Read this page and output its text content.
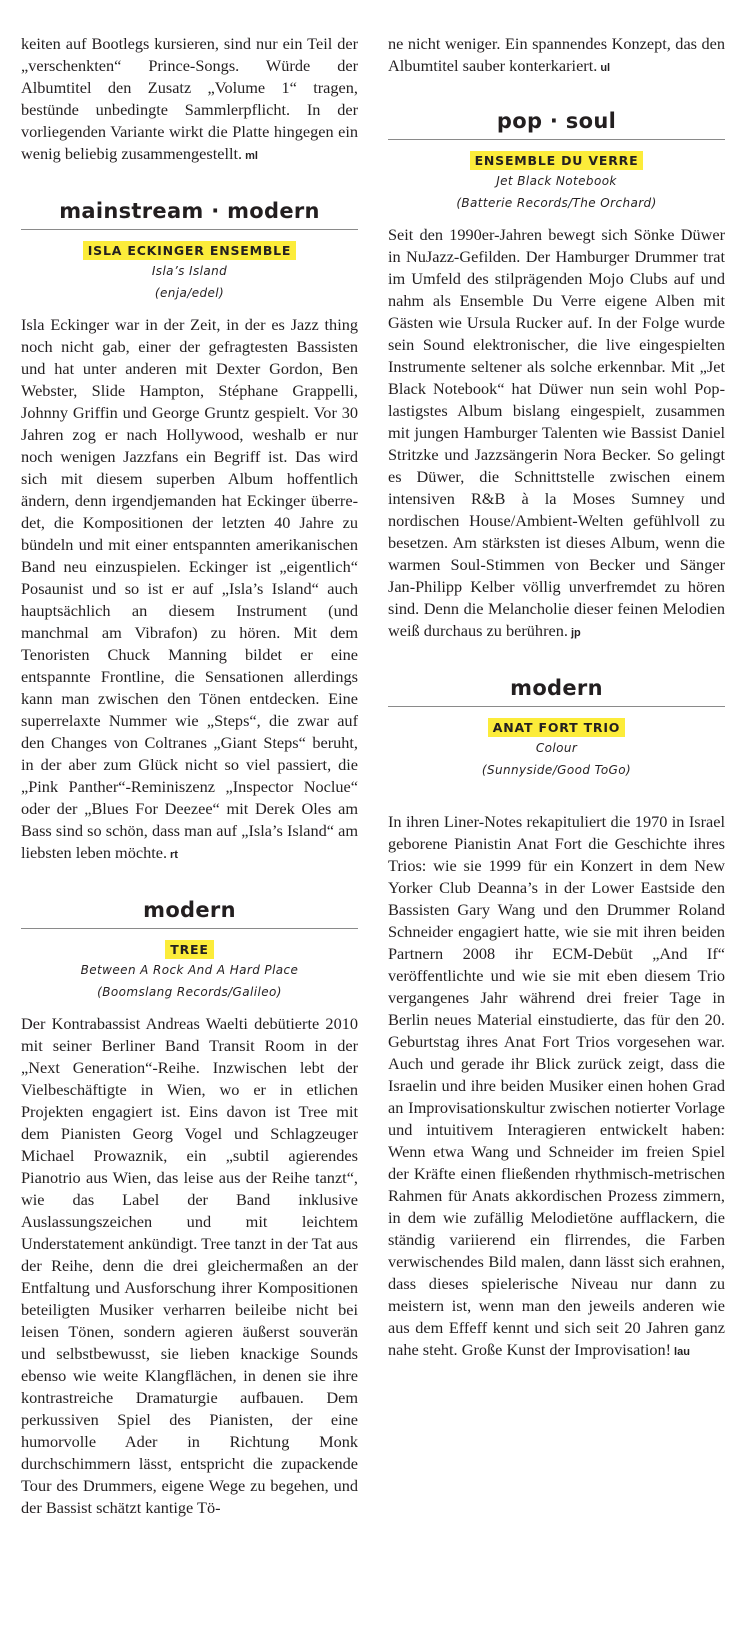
keiten auf Bootlegs kursieren, sind nur ein Teil der „verschenkten“ Prince-Songs. Würde der Albumtitel den Zusatz „Volume 1“ tragen, bestünde unbedingte Sammlerpflicht. In der vorliegenden Variante wirkt die Platte hingegen ein wenig beliebig zusammengestellt. ml

mainstream · modern
ISLA ECKINGER ENSEMBLE
Isla’s Island
(enja/edel)

Isla Eckinger war in der Zeit, in der es Jazz thing noch nicht gab, einer der gefragtesten Bassisten und hat unter anderen mit Dexter Gordon, Ben Webster, Slide Hampton, Stéphane Grappelli, Johnny Griffin und George Gruntz gespielt. Vor 30 Jahren zog er nach Hollywood, weshalb er nur noch wenigen Jazzfans ein Begriff ist. Das wird sich mit diesem superben Album hoffentlich ändern, denn irgendjemanden hat Eckinger überredet, die Kompositionen der letzten 40 Jahre zu bündeln und mit einer entspannten amerikanischen Band neu einzuspielen. Eckinger ist „eigentlich“ Posaunist und so ist er auf „Isla’s Island“ auch hauptsächlich an diesem Instrument (und manchmal am Vibrafon) zu hören. Mit dem Tenoristen Chuck Manning bildet er eine entspannte Frontline, die Sensationen allerdings kann man zwischen den Tönen entdecken. Eine superrelaxte Nummer wie „Steps“, die zwar auf den Changes von Coltranes „Giant Steps“ beruht, in der aber zum Glück nicht so viel passiert, die „Pink Panther“-Reminiszenz „Inspector Noclue“ oder der „Blues For Deezee“ mit Derek Oles am Bass sind so schön, dass man auf „Isla’s Island“ am liebsten leben möchte. rt

modern
TREE
Between A Rock And A Hard Place
(Boomslang Records/Galileo)

Der Kontrabassist Andreas Waelti debütierte 2010 mit seiner Berliner Band Transit Room in der „Next Generation“-Reihe. Inzwischen lebt der Vielbeschäftigte in Wien, wo er in etlichen Projekten engagiert ist. Eins davon ist Tree mit dem Pianisten Georg Vogel und Schlagzeuger Michael Prowaznik, ein „subtil agierendes Pianotrio aus Wien, das leise aus der Reihe tanzt“, wie das Label der Band inklusive Auslassungszeichen und mit leichtem Understatement ankündigt. Tree tanzt in der Tat aus der Reihe, denn die drei gleichermaßen an der Entfaltung und Ausforschung ihrer Kompositionen beteiligten Musiker verharren beileibe nicht bei leisen Tönen, sondern agieren äußerst souverän und selbstbewusst, sie lieben knackige Sounds ebenso wie weite Klangflächen, in denen sie ihre kontrastreiche Dramaturgie aufbauen. Dem perkussiven Spiel des Pianisten, der eine humorvolle Ader in Richtung Monk durchschimmern lässt, entspricht die zupackende Tour des Drummers, eigene Wege zu begehen, und der Bassist schätzt kantige Tö-

ne nicht weniger. Ein spannendes Konzept, das den Albumtitel sauber konterkariert. ul

pop · soul
ENSEMBLE DU VERRE
Jet Black Notebook
(Batterie Records/The Orchard)

Seit den 1990er-Jahren bewegt sich Sönke Düwer in NuJazz-Gefilden. Der Hamburger Drummer trat im Umfeld des stilprägenden Mojo Clubs auf und nahm als Ensemble Du Verre eigene Alben mit Gästen wie Ursula Rucker auf. In der Folge wurde sein Sound elektronischer, die live eingespielten Instrumente seltener als solche erkennbar. Mit „Jet Black Notebook“ hat Düwer nun sein wohl Pop-lastigstes Album bislang eingespielt, zusammen mit jungen Hamburger Talenten wie Bassist Daniel Stritzke und Jazzsängerin Nora Becker. So gelingt es Düwer, die Schnittstelle zwischen einem intensiven R&B à la Moses Sumney und nordischen House/Ambient-Welten gefühlvoll zu besetzen. Am stärksten ist dieses Album, wenn die warmen Soul-Stimmen von Becker und Sänger Jan-Philipp Kelber völlig unverfremdet zu hören sind. Denn die Melancholie dieser feinen Melodien weiß durchaus zu berühren. jp

modern
ANAT FORT TRIO
Colour
(Sunnyside/Good ToGo)

In ihren Liner-Notes rekapituliert die 1970 in Israel geborene Pianistin Anat Fort die Geschichte ihres Trios: wie sie 1999 für ein Konzert in dem New Yorker Club Deanna’s in der Lower Eastside den Bassisten Gary Wang und den Drummer Roland Schneider engagiert hatte, wie sie mit ihren beiden Partnern 2008 ihr ECM-Debüt „And If“ veröffentlichte und wie sie mit eben diesem Trio vergangenes Jahr während drei freier Tage in Berlin neues Material einstudierte, das für den 20. Geburtstag ihres Anat Fort Trios vorgesehen war. Auch und gerade ihr Blick zurück zeigt, dass die Israelin und ihre beiden Musiker einen hohen Grad an Improvisationskultur zwischen notierter Vorlage und intuitivem Interagieren entwickelt haben: Wenn etwa Wang und Schneider im freien Spiel der Kräfte einen fließenden rhythmisch-metrischen Rahmen für Anats akkordischen Prozess zimmern, in dem wie zufällig Melodietöne aufflackern, die ständig variierend ein flirrendes, die Farben verwischendes Bild malen, dann lässt sich erahnen, dass dieses spielerische Niveau nur dann zu meistern ist, wenn man den jeweils anderen wie aus dem Effeff kennt und sich seit 20 Jahren ganz nahe steht. Große Kunst der Improvisation! lau
